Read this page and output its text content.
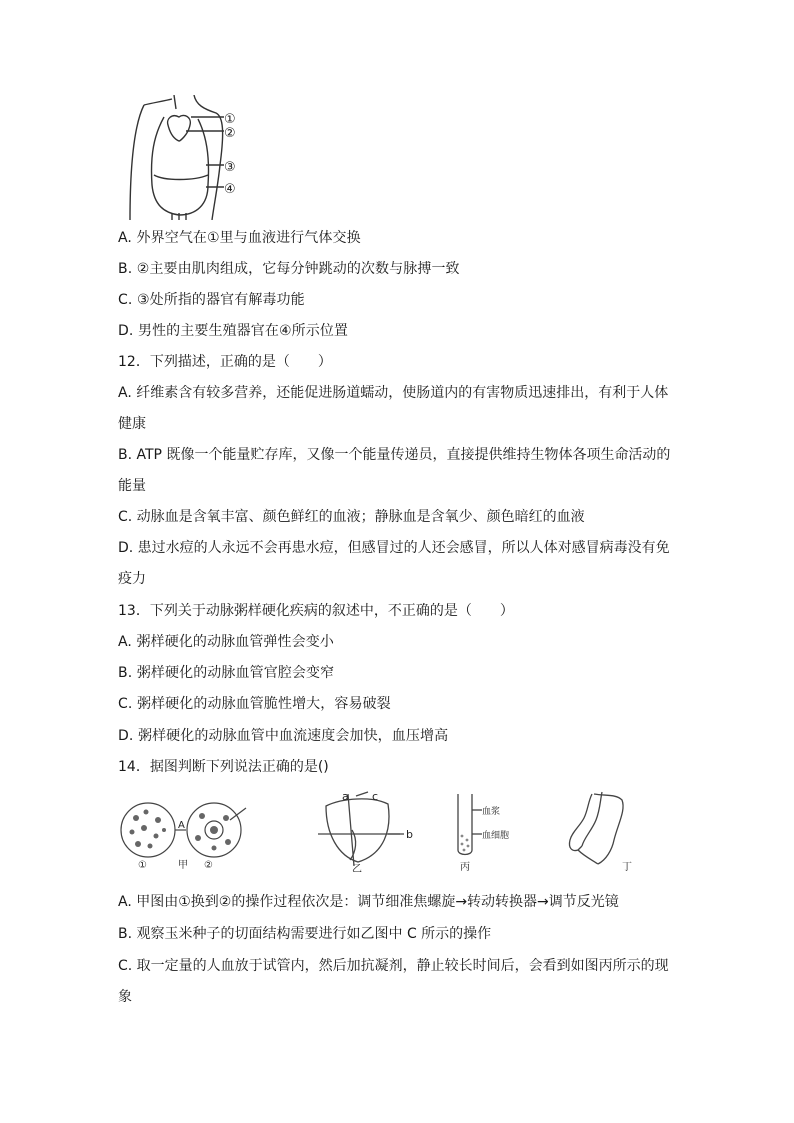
①
②
③
④
A. 外界空气在①里与血液进行气体交换
B. ②主要由肌肉组成，它每分钟跳动的次数与脉搏一致
C. ③处所指的器官有解毒功能
D. 男性的主要生殖器官在④所示位置
12．下列描述，正确的是（　　）
A. 纤维素含有较多营养，还能促进肠道蠕动，使肠道内的有害物质迅速排出，有利于人体
健康
B. ATP 既像一个能量贮存库，又像一个能量传递员，直接提供维持生物体各项生命活动的
能量
C. 动脉血是含氧丰富、颜色鲜红的血液；静脉血是含氧少、颜色暗红的血液
D. 患过水痘的人永远不会再患水痘，但感冒过的人还会感冒，所以人体对感冒病毒没有免
疫力
13．下列关于动脉粥样硬化疾病的叙述中，不正确的是（　　）
A. 粥样硬化的动脉血管弹性会变小
B. 粥样硬化的动脉血管官腔会变窄
C. 粥样硬化的动脉血管脆性增大，容易破裂
D. 粥样硬化的动脉血管中血流速度会加快，血压增高
14．据图判断下列说法正确的是()
①
A
②
甲
a c
b
乙
血浆
血细胞
丙	丁
A. 甲图由①换到②的操作过程依次是：调节细准焦螺旋→转动转换器→调节反光镜
B. 观察玉米种子的切面结构需要进行如乙图中 C 所示的操作
C. 取一定量的人血放于试管内，然后加抗凝剂，静止较长时间后，会看到如图丙所示的现
象
